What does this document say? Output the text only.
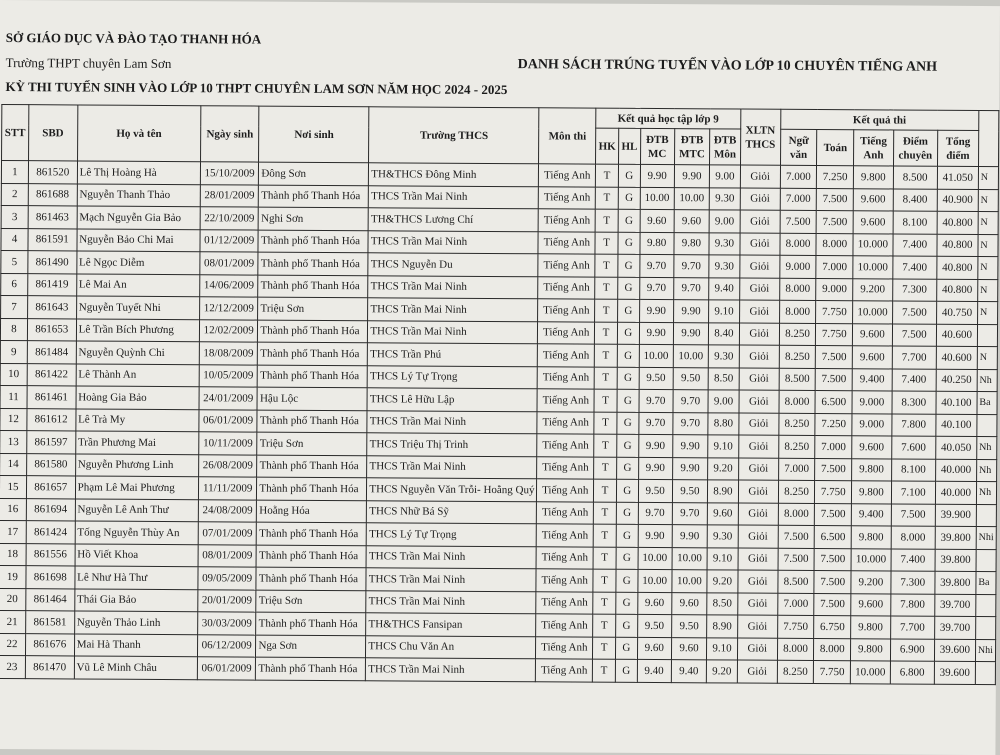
SỞ GIÁO DỤC VÀ ĐÀO TẠO THANH HÓA
Trường THPT chuyên Lam Sơn
KỲ THI TUYỂN SINH VÀO LỚP 10 THPT CHUYÊN LAM SƠN NĂM HỌC 2024 - 2025
DANH SÁCH TRÚNG TUYỂN VÀO LỚP 10 CHUYÊN TIẾNG ANH
STT	SBD	Họ và tên	Ngày sinh	Nơi sinh	Trường THCS	Môn thi	Kết quả học tập lớp 9					XLTN THCS	Kết quả thi					
							HK	HL	ĐTB MC	ĐTB MTC	ĐTB Môn		Ngữ văn	Toán	Tiếng Anh	Điểm chuyên	Tổng điểm	
1	861520	Lê Thị Hoàng Hà	15/10/2009	Đông Sơn	TH&THCS Đông Minh	Tiếng Anh	T	G	9.90	9.90	9.00	Giỏi	7.000	7.250	9.800	8.500	41.050	N
2	861688	Nguyễn Thanh Thảo	28/01/2009	Thành phố Thanh Hóa	THCS Trần Mai Ninh	Tiếng Anh	T	G	10.00	10.00	9.30	Giỏi	7.000	7.500	9.600	8.400	40.900	N
3	861463	Mạch Nguyễn Gia Bảo	22/10/2009	Nghi Sơn	TH&THCS Lương Chí	Tiếng Anh	T	G	9.60	9.60	9.00	Giỏi	7.500	7.500	9.600	8.100	40.800	N
4	861591	Nguyễn Bảo Chi Mai	01/12/2009	Thành phố Thanh Hóa	THCS Trần Mai Ninh	Tiếng Anh	T	G	9.80	9.80	9.30	Giỏi	8.000	8.000	10.000	7.400	40.800	N
5	861490	Lê Ngọc Diễm	08/01/2009	Thành phố Thanh Hóa	THCS Nguyễn Du	Tiếng Anh	T	G	9.70	9.70	9.30	Giỏi	9.000	7.000	10.000	7.400	40.800	N
6	861419	Lê Mai An	14/06/2009	Thành phố Thanh Hóa	THCS Trần Mai Ninh	Tiếng Anh	T	G	9.70	9.70	9.40	Giỏi	8.000	9.000	9.200	7.300	40.800	N
7	861643	Nguyễn Tuyết Nhi	12/12/2009	Triệu Sơn	THCS Trần Mai Ninh	Tiếng Anh	T	G	9.90	9.90	9.10	Giỏi	8.000	7.750	10.000	7.500	40.750	N
8	861653	Lê Trần Bích Phương	12/02/2009	Thành phố Thanh Hóa	THCS Trần Mai Ninh	Tiếng Anh	T	G	9.90	9.90	8.40	Giỏi	8.250	7.750	9.600	7.500	40.600	
9	861484	Nguyễn Quỳnh Chi	18/08/2009	Thành phố Thanh Hóa	THCS Trần Phú	Tiếng Anh	T	G	10.00	10.00	9.30	Giỏi	8.250	7.500	9.600	7.700	40.600	N
10	861422	Lê Thành An	10/05/2009	Thành phố Thanh Hóa	THCS Lý Tự Trọng	Tiếng Anh	T	G	9.50	9.50	8.50	Giỏi	8.500	7.500	9.400	7.400	40.250	Nh
11	861461	Hoàng Gia Bảo	24/01/2009	Hậu Lộc	THCS Lê Hữu Lập	Tiếng Anh	T	G	9.70	9.70	9.00	Giỏi	8.000	6.500	9.000	8.300	40.100	Ba
12	861612	Lê Trà My	06/01/2009	Thành phố Thanh Hóa	THCS Trần Mai Ninh	Tiếng Anh	T	G	9.70	9.70	8.80	Giỏi	8.250	7.250	9.000	7.800	40.100	
13	861597	Trần Phương Mai	10/11/2009	Triệu Sơn	THCS Triệu Thị Trinh	Tiếng Anh	T	G	9.90	9.90	9.10	Giỏi	8.250	7.000	9.600	7.600	40.050	Nh
14	861580	Nguyễn Phương Linh	26/08/2009	Thành phố Thanh Hóa	THCS Trần Mai Ninh	Tiếng Anh	T	G	9.90	9.90	9.20	Giỏi	7.000	7.500	9.800	8.100	40.000	Nh
15	861657	Phạm Lê Mai Phương	11/11/2009	Thành phố Thanh Hóa	THCS Nguyễn Văn Trỗi- Hoằng Quý	Tiếng Anh	T	G	9.50	9.50	8.90	Giỏi	8.250	7.750	9.800	7.100	40.000	Nh
16	861694	Nguyễn Lê Anh Thư	24/08/2009	Hoằng Hóa	THCS Nhữ Bá Sỹ	Tiếng Anh	T	G	9.70	9.70	9.60	Giỏi	8.000	7.500	9.400	7.500	39.900	
17	861424	Tống Nguyễn Thùy An	07/01/2009	Thành phố Thanh Hóa	THCS Lý Tự Trọng	Tiếng Anh	T	G	9.90	9.90	9.30	Giỏi	7.500	6.500	9.800	8.000	39.800	Nhi
18	861556	Hồ Viết Khoa	08/01/2009	Thành phố Thanh Hóa	THCS Trần Mai Ninh	Tiếng Anh	T	G	10.00	10.00	9.10	Giỏi	7.500	7.500	10.000	7.400	39.800	
19	861698	Lê Như Hà Thư	09/05/2009	Thành phố Thanh Hóa	THCS Trần Mai Ninh	Tiếng Anh	T	G	10.00	10.00	9.20	Giỏi	8.500	7.500	9.200	7.300	39.800	Ba
20	861464	Thái Gia Bảo	20/01/2009	Triệu Sơn	THCS Trần Mai Ninh	Tiếng Anh	T	G	9.60	9.60	8.50	Giỏi	7.000	7.500	9.600	7.800	39.700	
21	861581	Nguyễn Thảo Linh	30/03/2009	Thành phố Thanh Hóa	TH&THCS Fansipan	Tiếng Anh	T	G	9.50	9.50	8.90	Giỏi	7.750	6.750	9.800	7.700	39.700	
22	861676	Mai Hà Thanh	06/12/2009	Nga Sơn	THCS Chu Văn An	Tiếng Anh	T	G	9.60	9.60	9.10	Giỏi	8.000	8.000	9.800	6.900	39.600	Nhi
23	861470	Vũ Lê Minh Châu	06/01/2009	Thành phố Thanh Hóa	THCS Trần Mai Ninh	Tiếng Anh	T	G	9.40	9.40	9.20	Giỏi	8.250	7.750	10.000	6.800	39.600	
